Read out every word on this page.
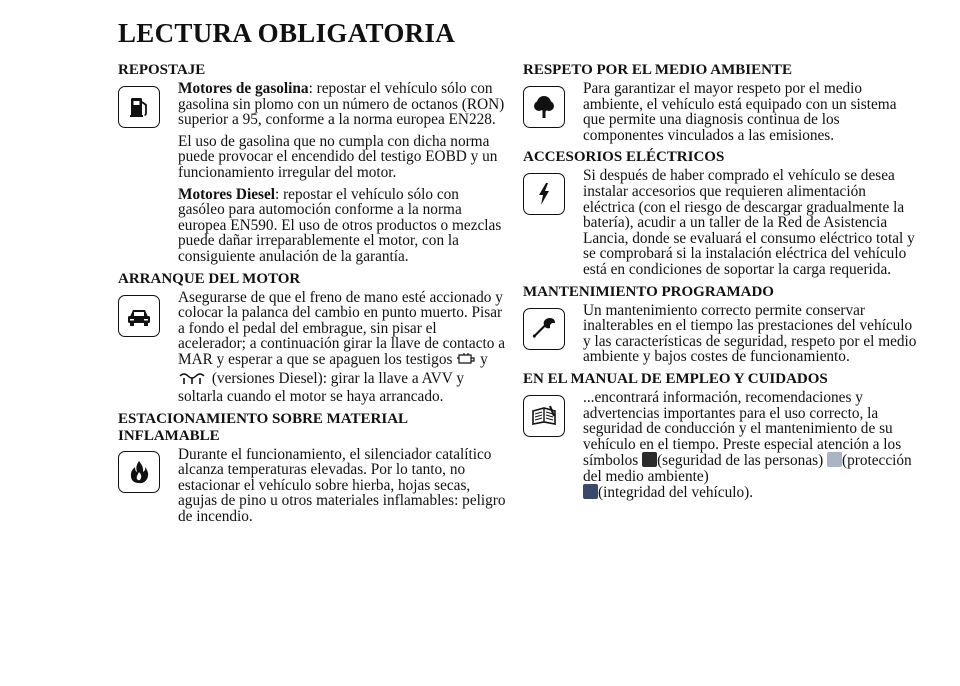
LECTURA OBLIGATORIA
REPOSTAJE

Motores de gasolina: repostar el vehículo sólo con gasolina sin plomo con un número de octanos (RON) superior a 95, conforme a la norma europea EN228.

El uso de gasolina que no cumpla con dicha norma puede provocar el encendido del testigo EOBD y un funcionamiento irregular del motor.

Motores Diesel: repostar el vehículo sólo con gasóleo para automoción conforme a la norma europea EN590. El uso de otros productos o mezclas puede dañar irreparablemente el motor, con la consiguiente anulación de la garantía.

ARRANQUE DEL MOTOR

Asegurarse de que el freno de mano esté accionado y colocar la palanca del cambio en punto muerto. Pisar a fondo el pedal del embrague, sin pisar el acelerador; a continuación girar la llave de contacto a MAR y esperar a que se apaguen los testigos y
(versiones Diesel): girar la llave a AVV y soltarla cuando el motor se haya arrancado.

ESTACIONAMIENTO SOBRE MATERIAL INFLAMABLE

Durante el funcionamiento, el silenciador catalítico alcanza temperaturas elevadas. Por lo tanto, no estacionar el vehículo sobre hierba, hojas secas, agujas de pino u otros materiales inflamables: peligro de incendio.

RESPETO POR EL MEDIO AMBIENTE

Para garantizar el mayor respeto por el medio ambiente, el vehículo está equipado con un sistema que permite una diagnosis continua de los componentes vinculados a las emisiones.

ACCESORIOS ELÉCTRICOS

Si después de haber comprado el vehículo se desea instalar accesorios que requieren alimentación eléctrica (con el riesgo de descargar gradualmente la batería), acudir a un taller de la Red de Asistencia Lancia, donde se evaluará el consumo eléctrico total y se comprobará si la instalación eléctrica del vehículo está en condiciones de soportar la carga requerida.

MANTENIMIENTO PROGRAMADO

Un mantenimiento correcto permite conservar inalterables en el tiempo las prestaciones del vehículo y las características de seguridad, respeto por el medio ambiente y bajos costes de funcionamiento.

EN EL MANUAL DE EMPLEO Y CUIDADOS

...encontrará información, recomendaciones y advertencias importantes para el uso correcto, la seguridad de conducción y el mantenimiento de su vehículo en el tiempo. Preste especial atención a los símbolos (seguridad de las personas) (protección del medio ambiente)
(integridad del vehículo).
